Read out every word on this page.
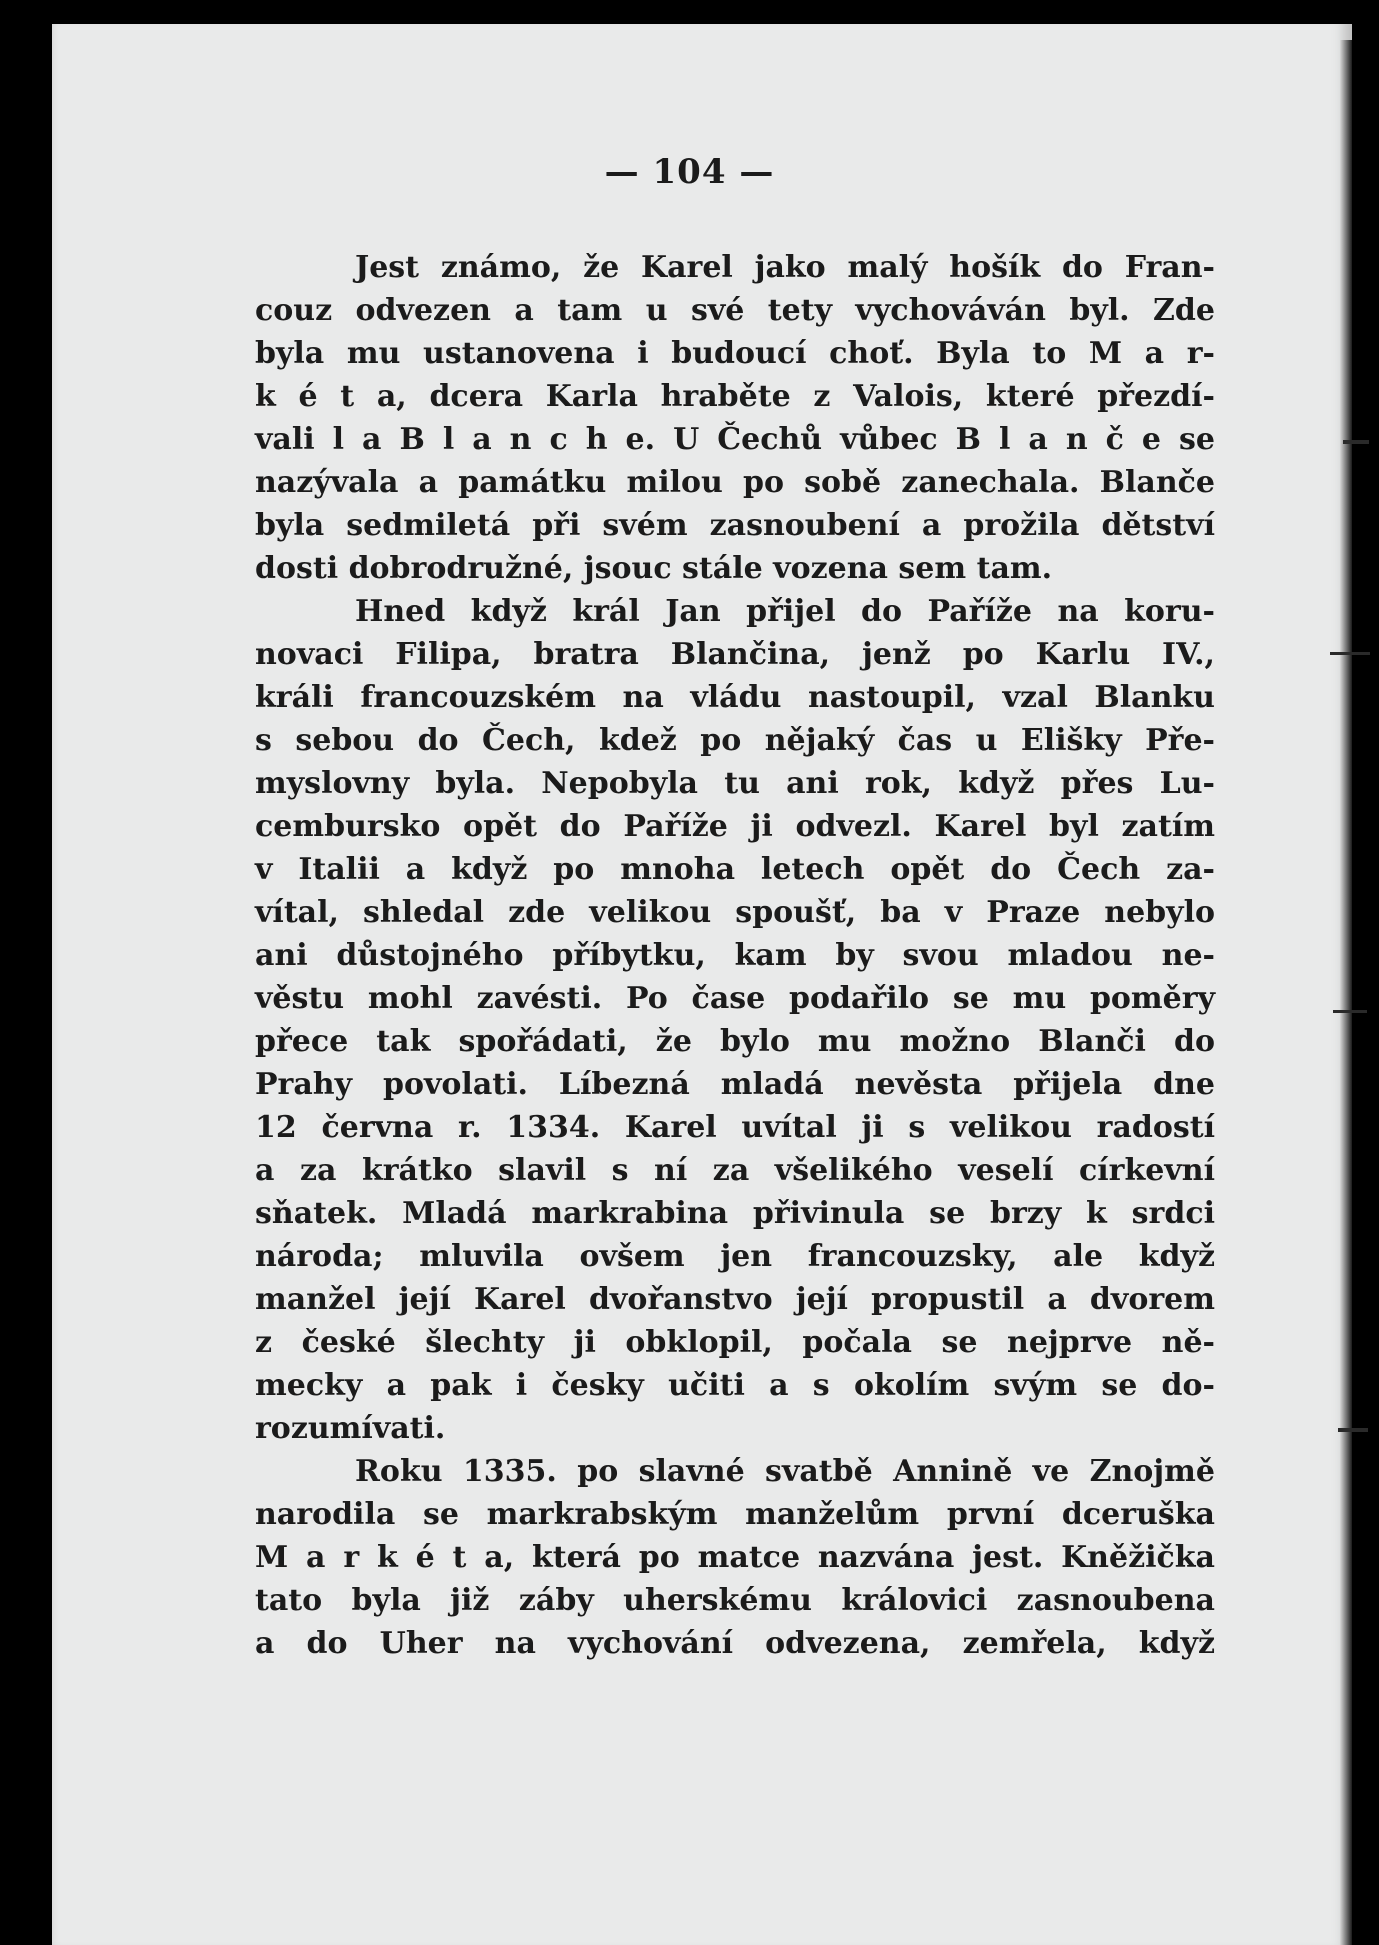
— 104 —
Jest známo, že Karel jako malý hošík do Fran-
couz odvezen a tam u své tety vychováván byl. Zde
byla mu ustanovena i budoucí choť. Byla to M a r-
k é t a, dcera Karla hraběte z Valois, které přezdí-
vali l a B l a n c h e. U Čechů vůbec B l a n č e se
nazývala a památku milou po sobě zanechala. Blanče
byla sedmiletá při svém zasnoubení a prožila dětství
dosti dobrodružné, jsouc stále vozena sem tam.
Hned když král Jan přijel do Paříže na koru-
novaci Filipa, bratra Blančina, jenž po Karlu IV.,
králi francouzském na vládu nastoupil, vzal Blanku
s sebou do Čech, kdež po nějaký čas u Elišky Pře-
myslovny byla. Nepobyla tu ani rok, když přes Lu-
cembursko opět do Paříže ji odvezl. Karel byl zatím
v Italii a když po mnoha letech opět do Čech za-
vítal, shledal zde velikou spoušť, ba v Praze nebylo
ani důstojného příbytku, kam by svou mladou ne-
věstu mohl zavésti. Po čase podařilo se mu poměry
přece tak spořádati, že bylo mu možno Blanči do
Prahy povolati. Líbezná mladá nevěsta přijela dne
12 června r. 1334. Karel uvítal ji s velikou radostí
a za krátko slavil s ní za všelikého veselí církevní
sňatek. Mladá markrabina přivinula se brzy k srdci
národa; mluvila ovšem jen francouzsky, ale když
manžel její Karel dvořanstvo její propustil a dvorem
z české šlechty ji obklopil, počala se nejprve ně-
mecky a pak i česky učiti a s okolím svým se do-
rozumívati.
Roku 1335. po slavné svatbě Annině ve Znojmě
narodila se markrabským manželům první dceruška
M a r k é t a, která po matce nazvána jest. Kněžička
tato byla již záby uherskému královici zasnoubena
a do Uher na vychování odvezena, zemřela, když
